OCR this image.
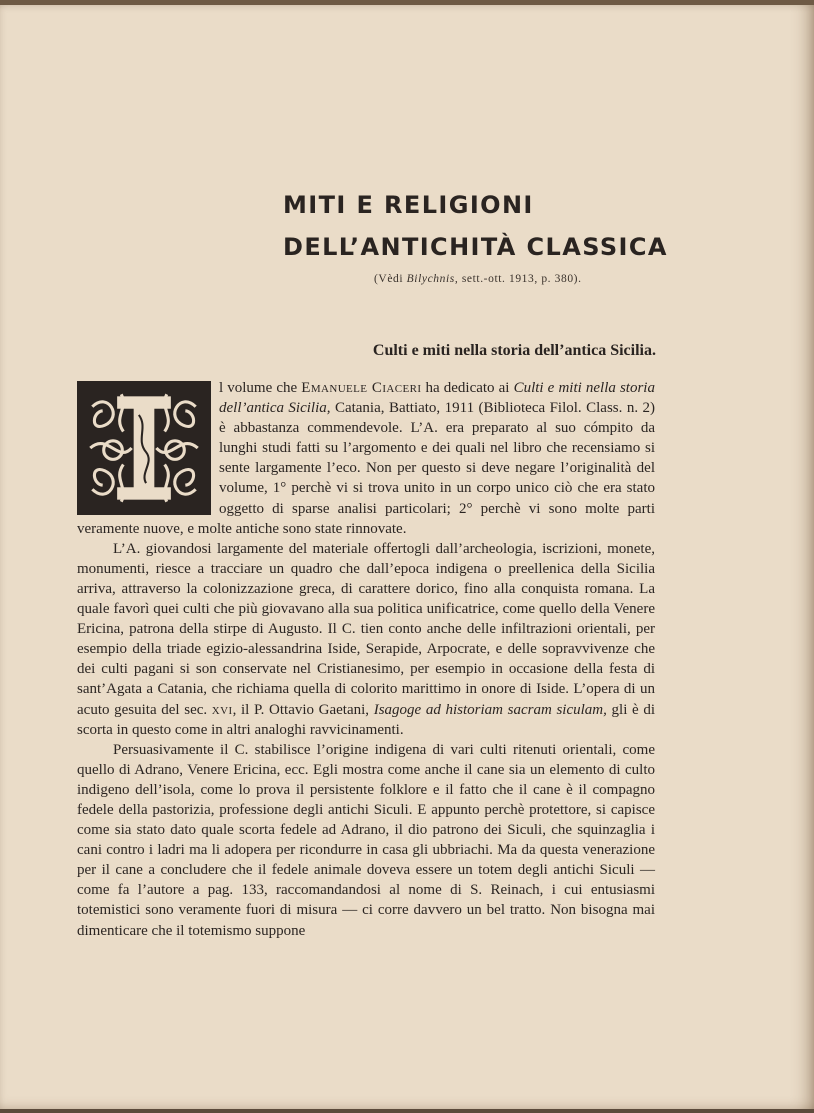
MITI E RELIGIONI
DELL’ANTICHITÀ CLASSICA
(Vèdi Bilychnis, sett.-ott. 1913, p. 380).
Culti e miti nella storia dell’antica Sicilia.

l volume che Emanuele Ciaceri ha dedicato ai Culti e miti nella storia dell’antica Sicilia, Catania, Battiato, 1911 (Biblioteca Filol. Class. n. 2) è abbastanza commendevole. L’A. era preparato al suo cómpito da lunghi studi fatti su l’argomento e dei quali nel libro che recensiamo si sente largamente l’eco. Non per questo si deve negare l’originalità del volume, 1° perchè vi si trova unito in un corpo unico ciò che era stato oggetto di sparse analisi particolari; 2° perchè vi sono molte parti veramente nuove, e molte antiche sono state rinnovate.

L’A. giovandosi largamente del materiale offertogli dall’archeologia, iscrizioni, monete, monumenti, riesce a tracciare un quadro che dall’epoca indigena o preellenica della Sicilia arriva, attraverso la colonizzazione greca, di carattere dorico, fino alla conquista romana. La quale favorì quei culti che più giovavano alla sua politica unificatrice, come quello della Venere Ericina, patrona della stirpe di Augusto. Il C. tien conto anche delle infiltrazioni orientali, per esempio della triade egizio-alessandrina Iside, Serapide, Arpocrate, e delle sopravvivenze che dei culti pagani si son conservate nel Cristianesimo, per esempio in occasione della festa di sant’Agata a Catania, che richiama quella di colorito marittimo in onore di Iside. L’opera di un acuto gesuita del sec. xvi, il P. Ottavio Gaetani, Isagoge ad historiam sacram siculam, gli è di scorta in questo come in altri analoghi ravvicinamenti.

Persuasivamente il C. stabilisce l’origine indigena di vari culti ritenuti orientali, come quello di Adrano, Venere Ericina, ecc. Egli mostra come anche il cane sia un elemento di culto indigeno dell’isola, come lo prova il persistente folklore e il fatto che il cane è il compagno fedele della pastorizia, professione degli antichi Siculi. E appunto perchè protettore, si capisce come sia stato dato quale scorta fedele ad Adrano, il dio patrono dei Siculi, che squinzaglia i cani contro i ladri ma li adopera per ricondurre in casa gli ubbriachi. Ma da questa venerazione per il cane a concludere che il fedele animale doveva essere un totem degli antichi Siculi — come fa l’autore a pag. 133, raccomandandosi al nome di S. Reinach, i cui entusiasmi totemistici sono veramente fuori di misura — ci corre davvero un bel tratto. Non bisogna mai dimenticare che il totemismo suppone
